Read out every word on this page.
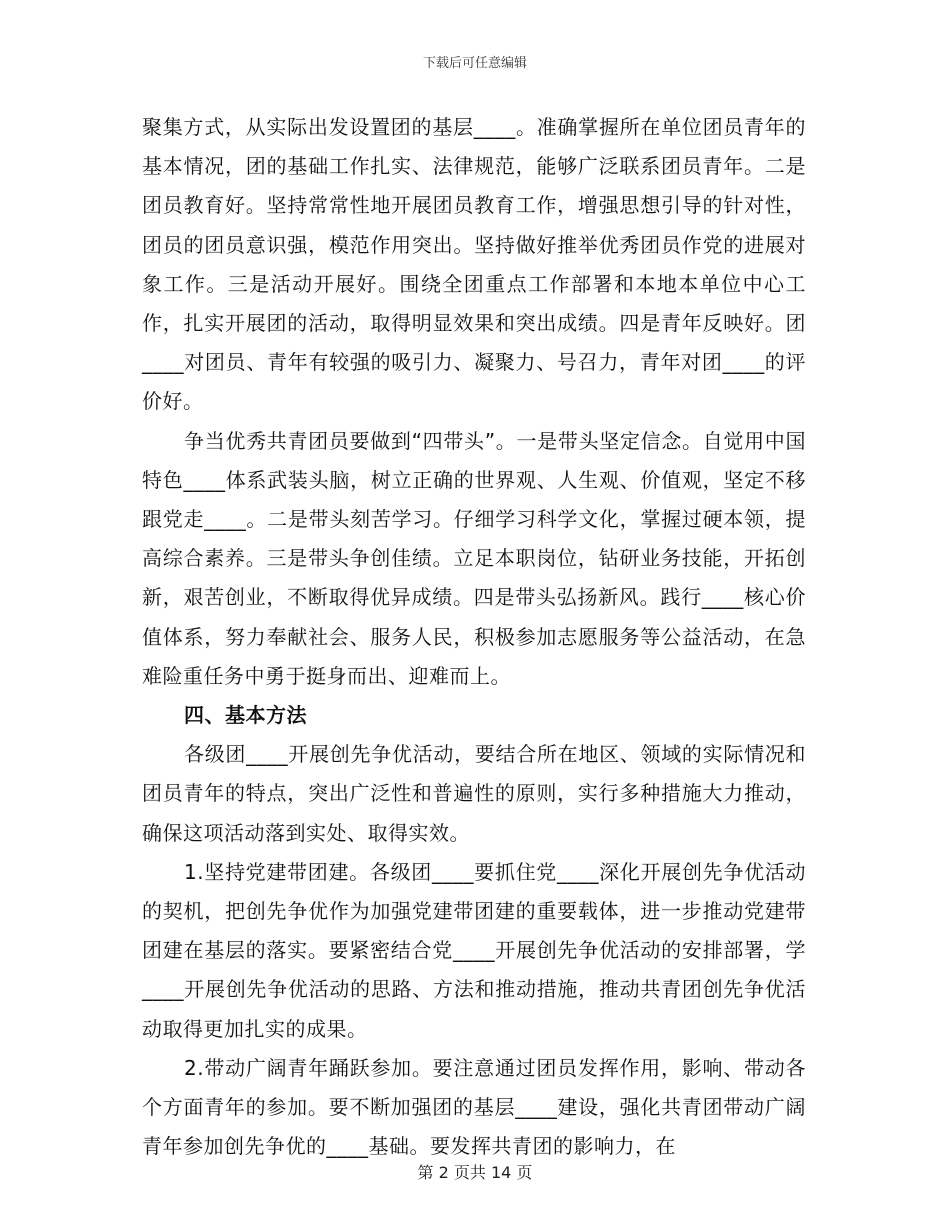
下载后可任意编辑

聚集方式，从实际出发设置团的基层____。准确掌握所在单位团员青年的基本情况，团的基础工作扎实、法律规范，能够广泛联系团员青年。二是团员教育好。坚持常常性地开展团员教育工作，增强思想引导的针对性，团员的团员意识强，模范作用突出。坚持做好推举优秀团员作党的进展对象工作。三是活动开展好。围绕全团重点工作部署和本地本单位中心工作，扎实开展团的活动，取得明显效果和突出成绩。四是青年反映好。团____对团员、青年有较强的吸引力、凝聚力、号召力，青年对团____的评价好。

争当优秀共青团员要做到“四带头”。一是带头坚定信念。自觉用中国特色____体系武装头脑，树立正确的世界观、人生观、价值观，坚定不移跟党走____。二是带头刻苦学习。仔细学习科学文化，掌握过硬本领，提高综合素养。三是带头争创佳绩。立足本职岗位，钻研业务技能，开拓创新，艰苦创业，不断取得优异成绩。四是带头弘扬新风。践行____核心价值体系，努力奉献社会、服务人民，积极参加志愿服务等公益活动，在急难险重任务中勇于挺身而出、迎难而上。

四、基本方法

各级团____开展创先争优活动，要结合所在地区、领域的实际情况和团员青年的特点，突出广泛性和普遍性的原则，实行多种措施大力推动，确保这项活动落到实处、取得实效。

1.坚持党建带团建。各级团____要抓住党____深化开展创先争优活动的契机，把创先争优作为加强党建带团建的重要载体，进一步推动党建带团建在基层的落实。要紧密结合党____开展创先争优活动的安排部署，学____开展创先争优活动的思路、方法和推动措施，推动共青团创先争优活动取得更加扎实的成果。

2.带动广阔青年踊跃参加。要注意通过团员发挥作用，影响、带动各个方面青年的参加。要不断加强团的基层____建设，强化共青团带动广阔青年参加创先争优的____基础。要发挥共青团的影响力，在

第 2 页共 14 页
